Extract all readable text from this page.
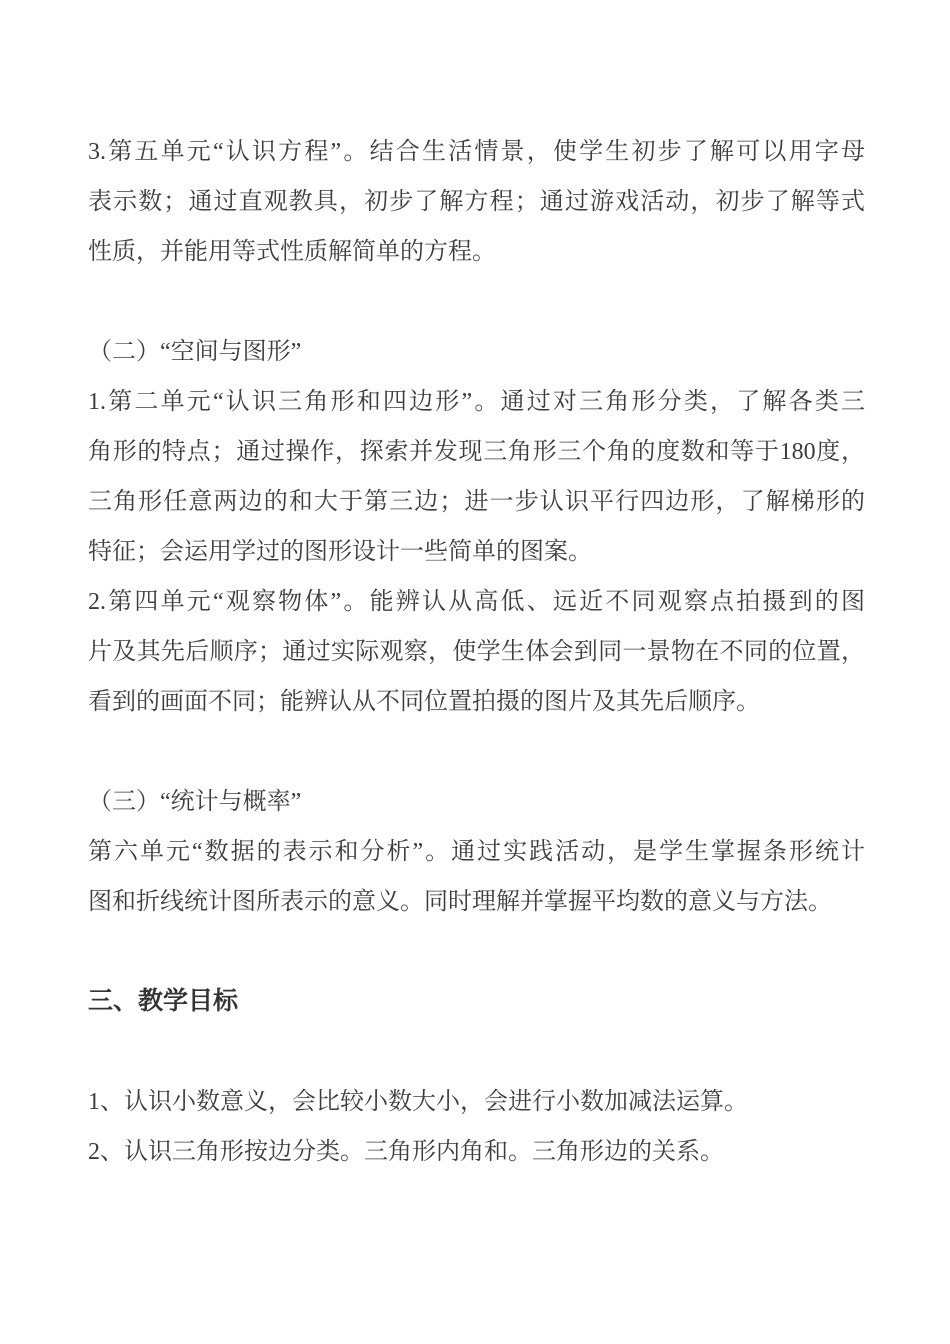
3.第五单元“认识方程”。结合生活情景，使学生初步了解可以用字母
表示数；通过直观教具，初步了解方程；通过游戏活动，初步了解等式
性质，并能用等式性质解简单的方程。
（二）“空间与图形”
1.第二单元“认识三角形和四边形”。通过对三角形分类，了解各类三
角形的特点；通过操作，探索并发现三角形三个角的度数和等于180度，
三角形任意两边的和大于第三边；进一步认识平行四边形，了解梯形的
特征；会运用学过的图形设计一些简单的图案。
2.第四单元“观察物体”。能辨认从高低、远近不同观察点拍摄到的图
片及其先后顺序；通过实际观察，使学生体会到同一景物在不同的位置，
看到的画面不同；能辨认从不同位置拍摄的图片及其先后顺序。
（三）“统计与概率”
第六单元“数据的表示和分析”。通过实践活动，是学生掌握条形统计
图和折线统计图所表示的意义。同时理解并掌握平均数的意义与方法。
三、教学目标
1、认识小数意义，会比较小数大小，会进行小数加减法运算。
2、认识三角形按边分类。三角形内角和。三角形边的关系。
